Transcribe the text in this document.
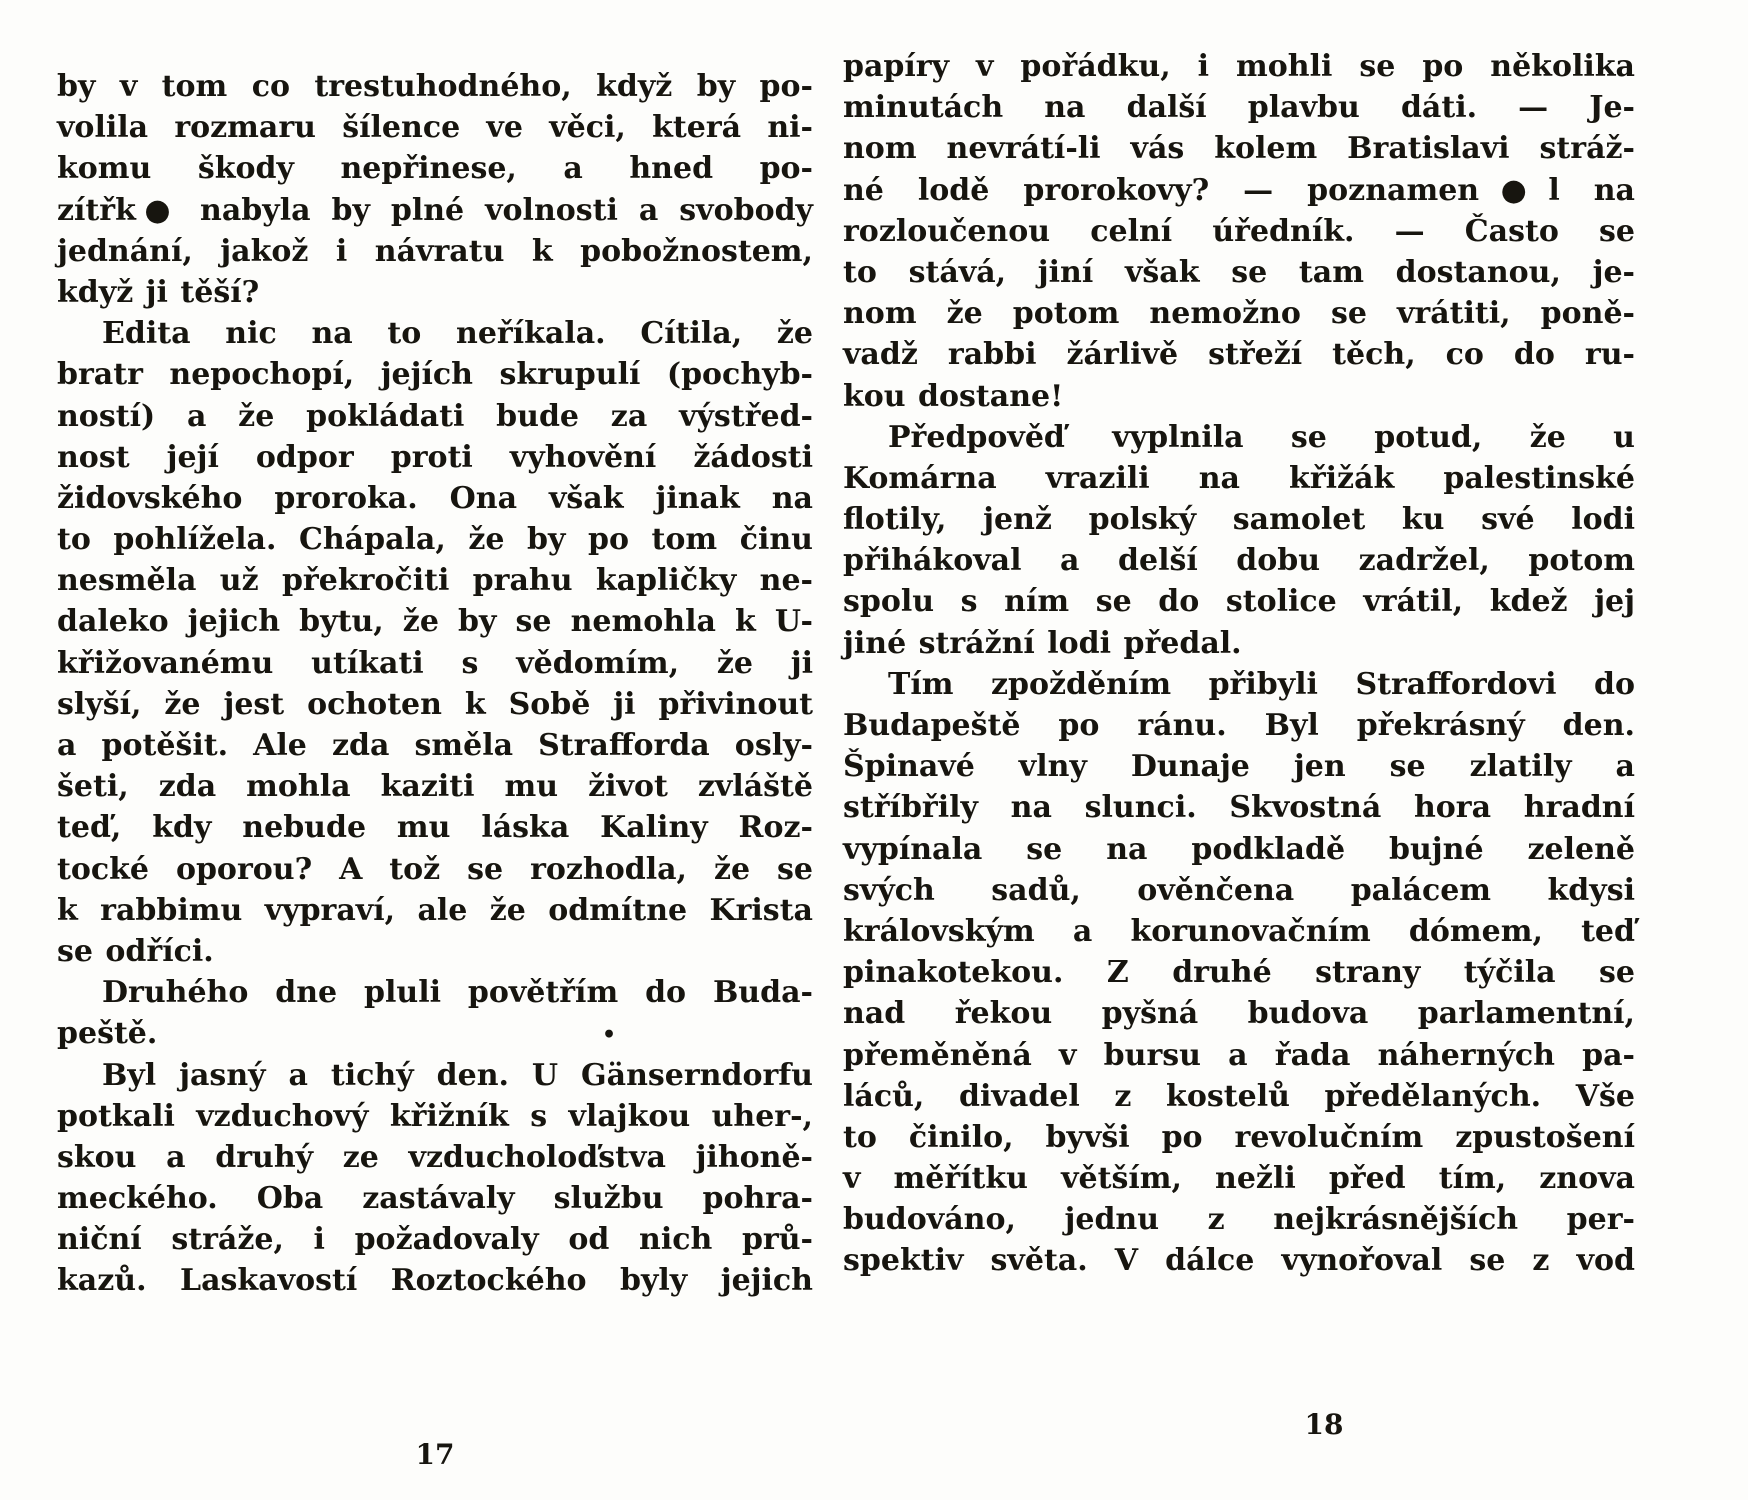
by v tom co trestuhodného, když by po-
volila rozmaru šílence ve věci, která ni-
komu škody nepřinese, a hned po-
zítřk● nabyla by plné volnosti a svobody
jednání, jakož i návratu k pobožnostem,
když ji těší?
Edita nic na to neříkala. Cítila, že
bratr nepochopí, jejích skrupulí (pochyb-
ností) a že pokládati bude za výstřed-
nost její odpor proti vyhovění žádosti
židovského proroka. Ona však jinak na
to pohlížela. Chápala, že by po tom činu
nesměla už překročiti prahu kapličky ne-
daleko jejich bytu, že by se nemohla k U-
křižovanému utíkati s vědomím, že ji
slyší, že jest ochoten k Sobě ji přivinout
a potěšit. Ale zda směla Strafforda osly-
šeti, zda mohla kaziti mu život zvláště
teď, kdy nebude mu láska Kaliny Roz-
tocké oporou? A tož se rozhodla, že se
k rabbimu vypraví, ale že odmítne Krista
se odříci.
Druhého dne pluli povětřím do Buda-
peště.	•
Byl jasný a tichý den. U Gänserndorfu
potkali vzduchový křižník s vlajkou uher-,
skou a druhý ze vzducholoďstva jihoně-
meckého. Oba zastávaly službu pohra-
niční stráže, i požadovaly od nich prů-
kazů. Laskavostí Roztockého byly jejich
papíry v pořádku, i mohli se po několika
minutách na další plavbu dáti. — Je-
nom nevrátí-li vás kolem Bratislavi stráž-
né lodě prorokovy? — poznamen●l na
rozloučenou celní úředník. — Často se
to stává, jiní však se tam dostanou, je-
nom že potom nemožno se vrátiti, poně-
vadž rabbi žárlivě střeží těch, co do ru-
kou dostane!
Předpověď vyplnila se potud, že u
Komárna vrazili na křižák palestinské
flotily, jenž polský samolet ku své lodi
přihákoval a delší dobu zadržel, potom
spolu s ním se do stolice vrátil, kdež jej
jiné strážní lodi předal.
Tím zpožděním přibyli Straffordovi do
Budapeště po ránu. Byl překrásný den.
Špinavé vlny Dunaje jen se zlatily a
stříbřily na slunci. Skvostná hora hradní
vypínala se na podkladě bujné zeleně
svých sadů, ověnčena palácem kdysi
královským a korunovačním dómem, teď
pinakotekou. Z druhé strany týčila se
nad řekou pyšná budova parlamentní,
přeměněná v bursu a řada náherných pa-
láců, divadel z kostelů předělaných. Vše
to činilo, byvši po revolučním zpustošení
v měřítku větším, nežli před tím, znova
budováno, jednu z nejkrásnějších per-
spektiv světa. V dálce vynořoval se z vod
17
18
